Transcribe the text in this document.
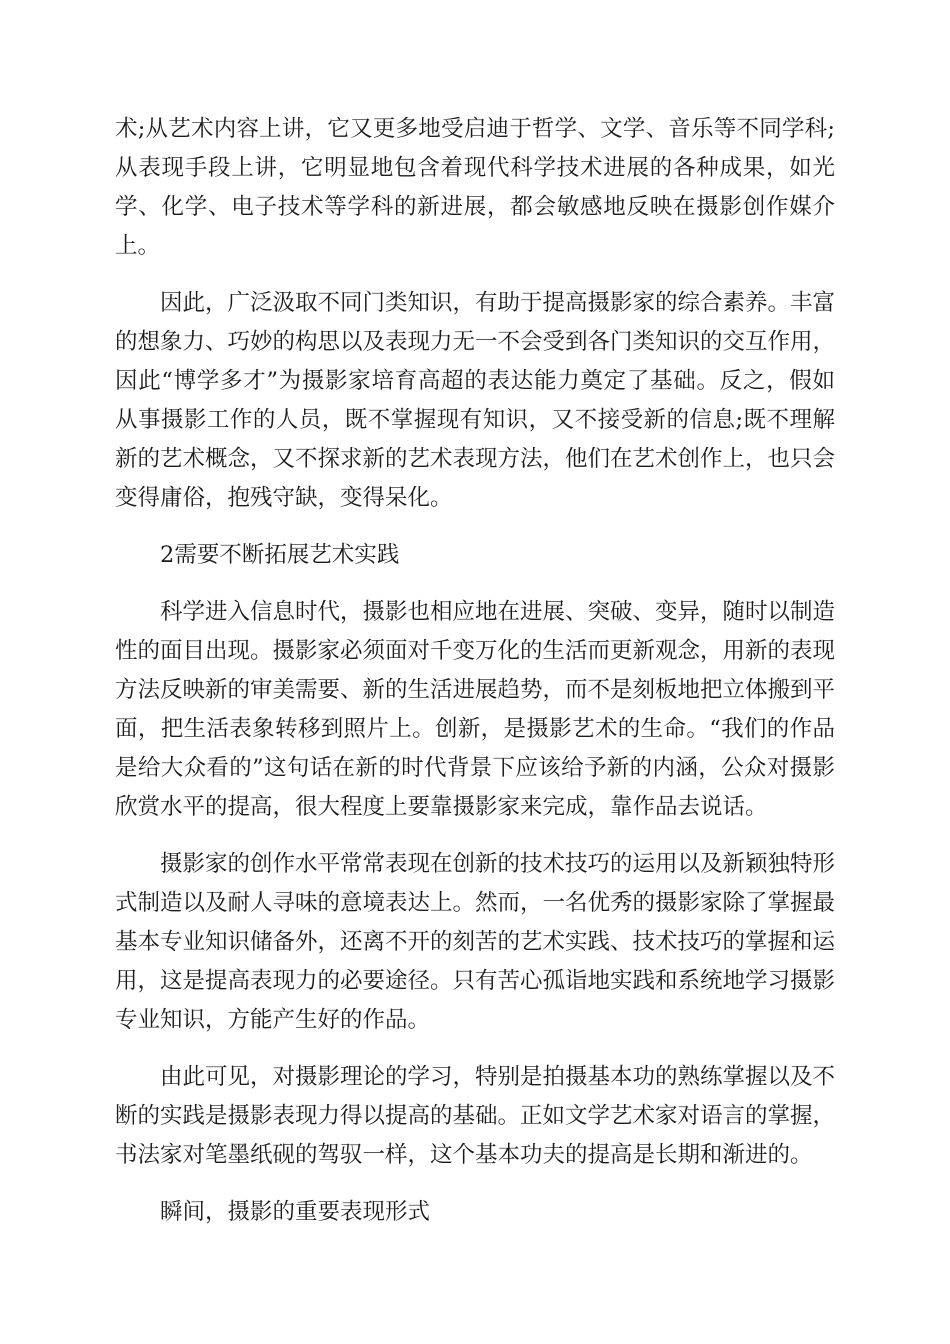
术;从艺术内容上讲，它又更多地受启迪于哲学、文学、音乐等不同学科;从表现手段上讲，它明显地包含着现代科学技术进展的各种成果，如光学、化学、电子技术等学科的新进展，都会敏感地反映在摄影创作媒介上。

因此，广泛汲取不同门类知识，有助于提高摄影家的综合素养。丰富的想象力、巧妙的构思以及表现力无一不会受到各门类知识的交互作用，因此“博学多才”为摄影家培育高超的表达能力奠定了基础。反之，假如从事摄影工作的人员，既不掌握现有知识，又不接受新的信息;既不理解新的艺术概念，又不探求新的艺术表现方法，他们在艺术创作上，也只会变得庸俗，抱残守缺，变得呆化。

2需要不断拓展艺术实践

科学进入信息时代，摄影也相应地在进展、突破、变异，随时以制造性的面目出现。摄影家必须面对千变万化的生活而更新观念，用新的表现方法反映新的审美需要、新的生活进展趋势，而不是刻板地把立体搬到平面，把生活表象转移到照片上。创新，是摄影艺术的生命。“我们的作品是给大众看的”这句话在新的时代背景下应该给予新的内涵，公众对摄影欣赏水平的提高，很大程度上要靠摄影家来完成，靠作品去说话。

摄影家的创作水平常常表现在创新的技术技巧的运用以及新颖独特形式制造以及耐人寻味的意境表达上。然而，一名优秀的摄影家除了掌握最基本专业知识储备外，还离不开的刻苦的艺术实践、技术技巧的掌握和运用，这是提高表现力的必要途径。只有苦心孤诣地实践和系统地学习摄影专业知识，方能产生好的作品。

由此可见，对摄影理论的学习，特别是拍摄基本功的熟练掌握以及不断的实践是摄影表现力得以提高的基础。正如文学艺术家对语言的掌握，书法家对笔墨纸砚的驾驭一样，这个基本功夫的提高是长期和渐进的。

瞬间，摄影的重要表现形式
